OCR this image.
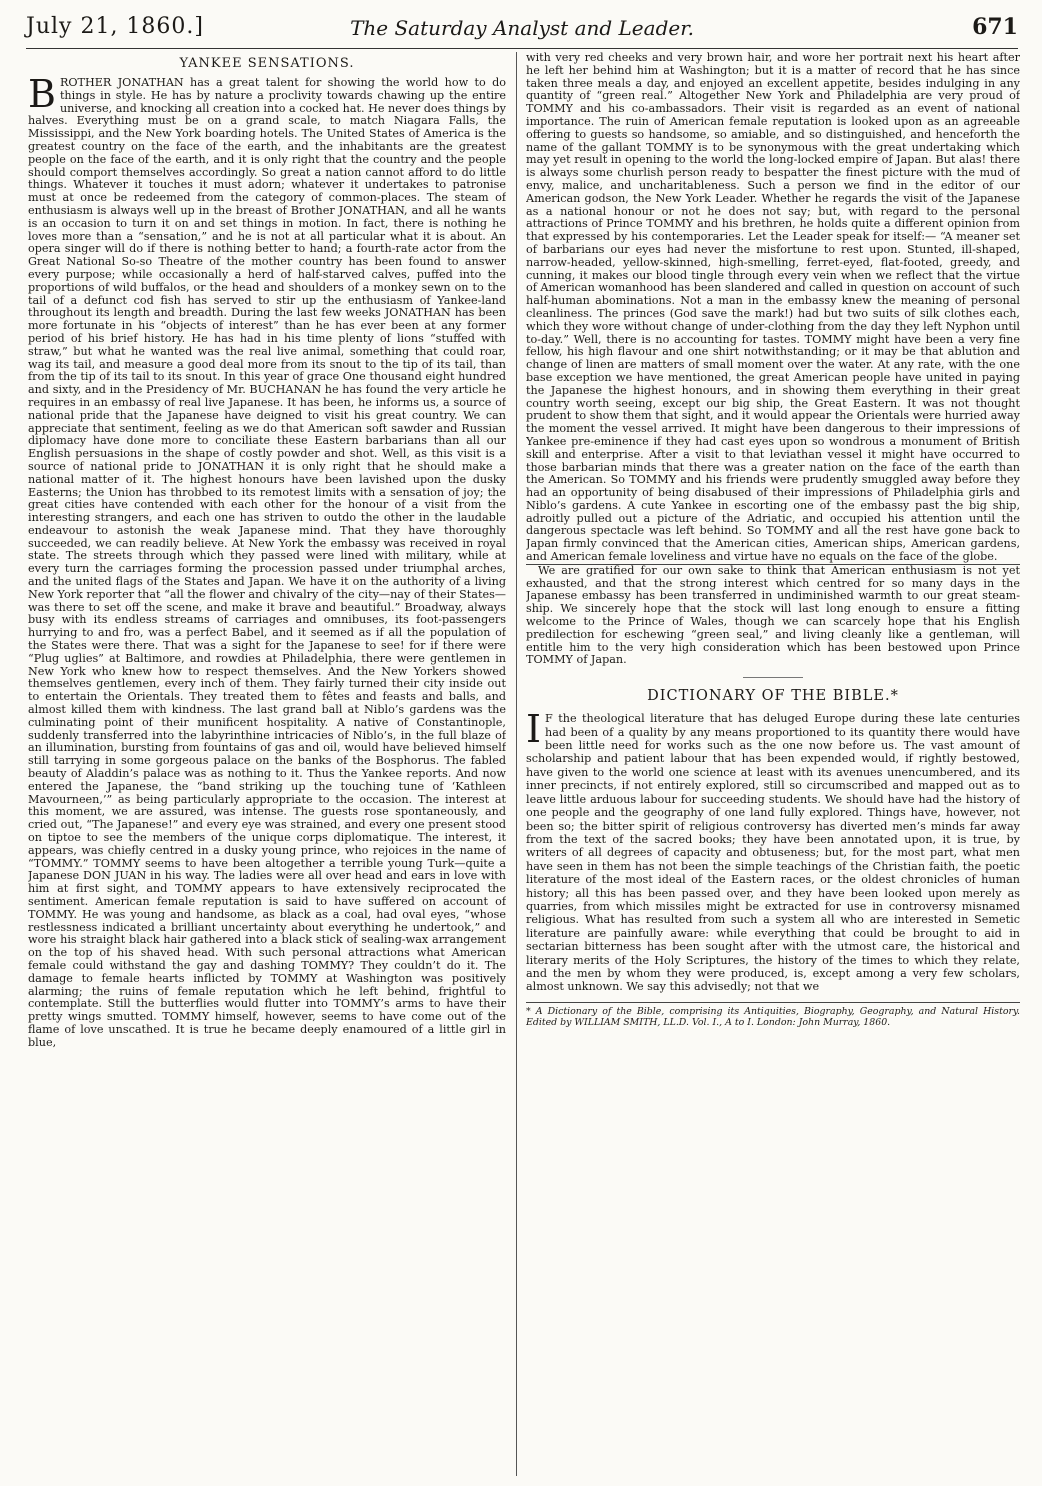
July 21, 1860.]	The Saturday Analyst and Leader.	671
YANKEE SENSATIONS.

BROTHER JONATHAN has a great talent for showing the world how to do things in style. He has by nature a proclivity towards chawing up the entire universe, and knocking all creation into a cocked hat. He never does things by halves. Everything must be on a grand scale, to match Niagara Falls, the Mississippi, and the New York boarding hotels. The United States of America is the greatest country on the face of the earth, and the inhabitants are the greatest people on the face of the earth, and it is only right that the country and the people should comport themselves accordingly. So great a nation cannot afford to do little things. Whatever it touches it must adorn; whatever it undertakes to patronise must at once be redeemed from the category of common-places. The steam of enthusiasm is always well up in the breast of Brother JONATHAN, and all he wants is an occasion to turn it on and set things in motion. In fact, there is nothing he loves more than a “sensation,” and he is not at all particular what it is about. An opera singer will do if there is nothing better to hand; a fourth-rate actor from the Great National So-so Theatre of the mother country has been found to answer every purpose; while occasionally a herd of half-starved calves, puffed into the proportions of wild buffalos, or the head and shoulders of a monkey sewn on to the tail of a defunct cod fish has served to stir up the enthusiasm of Yankee-land throughout its length and breadth. During the last few weeks JONATHAN has been more fortunate in his “objects of interest” than he has ever been at any former period of his brief history. He has had in his time plenty of lions “stuffed with straw,” but what he wanted was the real live animal, something that could roar, wag its tail, and measure a good deal more from its snout to the tip of its tail, than from the tip of its tail to its snout. In this year of grace One thousand eight hundred and sixty, and in the Presidency of Mr. BUCHANAN he has found the very article he requires in an embassy of real live Japanese. It has been, he informs us, a source of national pride that the Japanese have deigned to visit his great country. We can appreciate that sentiment, feeling as we do that American soft sawder and Russian diplomacy have done more to conciliate these Eastern barbarians than all our English persuasions in the shape of costly powder and shot. Well, as this visit is a source of national pride to JONATHAN it is only right that he should make a national matter of it. The highest honours have been lavished upon the dusky Easterns; the Union has throbbed to its remotest limits with a sensation of joy; the great cities have contended with each other for the honour of a visit from the interesting strangers, and each one has striven to outdo the other in the laudable endeavour to astonish the weak Japanese mind. That they have thoroughly succeeded, we can readily believe. At New York the embassy was received in royal state. The streets through which they passed were lined with military, while at every turn the carriages forming the procession passed under triumphal arches, and the united flags of the States and Japan. We have it on the authority of a living New York reporter that “all the flower and chivalry of the city—nay of their States—was there to set off the scene, and make it brave and beautiful.” Broadway, always busy with its endless streams of carriages and omnibuses, its foot-passengers hurrying to and fro, was a perfect Babel, and it seemed as if all the population of the States were there. That was a sight for the Japanese to see! for if there were “Plug uglies” at Baltimore, and rowdies at Philadelphia, there were gentlemen in New York who knew how to respect themselves. And the New Yorkers showed themselves gentlemen, every inch of them. They fairly turned their city inside out to entertain the Orientals. They treated them to fêtes and feasts and balls, and almost killed them with kindness. The last grand ball at Niblo’s gardens was the culminating point of their munificent hospitality. A native of Constantinople, suddenly transferred into the labyrinthine intricacies of Niblo’s, in the full blaze of an illumination, bursting from fountains of gas and oil, would have believed himself still tarrying in some gorgeous palace on the banks of the Bosphorus. The fabled beauty of Aladdin’s palace was as nothing to it. Thus the Yankee reports. And now entered the Japanese, the “band striking up the touching tune of ‘Kathleen Mavourneen,’” as being particularly appropriate to the occasion. The interest at this moment, we are assured, was intense. The guests rose spontaneously, and cried out, “The Japanese!” and every eye was strained, and every one present stood on tiptoe to see the members of the unique corps diplomatique. The interest, it appears, was chiefly centred in a dusky young prince, who rejoices in the name of “TOMMY.” TOMMY seems to have been altogether a terrible young Turk—quite a Japanese DON JUAN in his way. The ladies were all over head and ears in love with him at first sight, and TOMMY appears to have extensively reciprocated the sentiment. American female reputation is said to have suffered on account of TOMMY. He was young and handsome, as black as a coal, had oval eyes, “whose restlessness indicated a brilliant uncertainty about everything he undertook,” and wore his straight black hair gathered into a black stick of sealing-wax arrangement on the top of his shaved head. With such personal attractions what American female could withstand the gay and dashing TOMMY? They couldn’t do it. The damage to female hearts inflicted by TOMMY at Washington was positively alarming; the ruins of female reputation which he left behind, frightful to contemplate. Still the butterflies would flutter into TOMMY’s arms to have their pretty wings smutted. TOMMY himself, however, seems to have come out of the flame of love unscathed. It is true he became deeply enamoured of a little girl in blue,

with very red cheeks and very brown hair, and wore her portrait next his heart after he left her behind him at Washington; but it is a matter of record that he has since taken three meals a day, and enjoyed an excellent appetite, besides indulging in any quantity of “green real.” Altogether New York and Philadelphia are very proud of TOMMY and his co-ambassadors. Their visit is regarded as an event of national importance. The ruin of American female reputation is looked upon as an agreeable offering to guests so handsome, so amiable, and so distinguished, and henceforth the name of the gallant TOMMY is to be synonymous with the great undertaking which may yet result in opening to the world the long-locked empire of Japan. But alas! there is always some churlish person ready to bespatter the finest picture with the mud of envy, malice, and uncharitableness. Such a person we find in the editor of our American godson, the New York Leader. Whether he regards the visit of the Japanese as a national honour or not he does not say; but, with regard to the personal attractions of Prince TOMMY and his brethren, he holds quite a different opinion from that expressed by his contemporaries. Let the Leader speak for itself:— “A meaner set of barbarians our eyes had never the misfortune to rest upon. Stunted, ill-shaped, narrow-headed, yellow-skinned, high-smelling, ferret-eyed, flat-footed, greedy, and cunning, it makes our blood tingle through every vein when we reflect that the virtue of American womanhood has been slandered and called in question on account of such half-human abominations. Not a man in the embassy knew the meaning of personal cleanliness. The princes (God save the mark!) had but two suits of silk clothes each, which they wore without change of under-clothing from the day they left Nyphon until to-day.” Well, there is no accounting for tastes. TOMMY might have been a very fine fellow, his high flavour and one shirt notwithstanding; or it may be that ablution and change of linen are matters of small moment over the water. At any rate, with the one base exception we have mentioned, the great American people have united in paying the Japanese the highest honours, and in showing them everything in their great country worth seeing, except our big ship, the Great Eastern. It was not thought prudent to show them that sight, and it would appear the Orientals were hurried away the moment the vessel arrived. It might have been dangerous to their impressions of Yankee pre-eminence if they had cast eyes upon so wondrous a monument of British skill and enterprise. After a visit to that leviathan vessel it might have occurred to those barbarian minds that there was a greater nation on the face of the earth than the American. So TOMMY and his friends were prudently smuggled away before they had an opportunity of being disabused of their impressions of Philadelphia girls and Niblo’s gardens. A cute Yankee in escorting one of the embassy past the big ship, adroitly pulled out a picture of the Adriatic, and occupied his attention until the dangerous spectacle was left behind. So TOMMY and all the rest have gone back to Japan firmly convinced that the American cities, American ships, American gardens, and American female loveliness and virtue have no equals on the face of the globe.

We are gratified for our own sake to think that American enthusiasm is not yet exhausted, and that the strong interest which centred for so many days in the Japanese embassy has been transferred in undiminished warmth to our great steam-ship. We sincerely hope that the stock will last long enough to ensure a fitting welcome to the Prince of Wales, though we can scarcely hope that his English predilection for eschewing “green seal,” and living cleanly like a gentleman, will entitle him to the very high consideration which has been bestowed upon Prince TOMMY of Japan.

DICTIONARY OF THE BIBLE.*

I F the theological literature that has deluged Europe during these late centuries had been of a quality by any means proportioned to its quantity there would have been little need for works such as the one now before us. The vast amount of scholarship and patient labour that has been expended would, if rightly bestowed, have given to the world one science at least with its avenues unencumbered, and its inner precincts, if not entirely explored, still so circumscribed and mapped out as to leave little arduous labour for succeeding students. We should have had the history of one people and the geography of one land fully explored. Things have, however, not been so; the bitter spirit of religious controversy has diverted men’s minds far away from the text of the sacred books; they have been annotated upon, it is true, by writers of all degrees of capacity and obtuseness; but, for the most part, what men have seen in them has not been the simple teachings of the Christian faith, the poetic literature of the most ideal of the Eastern races, or the oldest chronicles of human history; all this has been passed over, and they have been looked upon merely as quarries, from which missiles might be extracted for use in controversy misnamed religious. What has resulted from such a system all who are interested in Semetic literature are painfully aware: while everything that could be brought to aid in sectarian bitterness has been sought after with the utmost care, the historical and literary merits of the Holy Scriptures, the history of the times to which they relate, and the men by whom they were produced, is, except among a very few scholars, almost unknown. We say this advisedly; not that we

* A Dictionary of the Bible, comprising its Antiquities, Biography, Geography, and Natural History. Edited by WILLIAM SMITH, LL.D. Vol. I., A to I. London: John Murray, 1860.
